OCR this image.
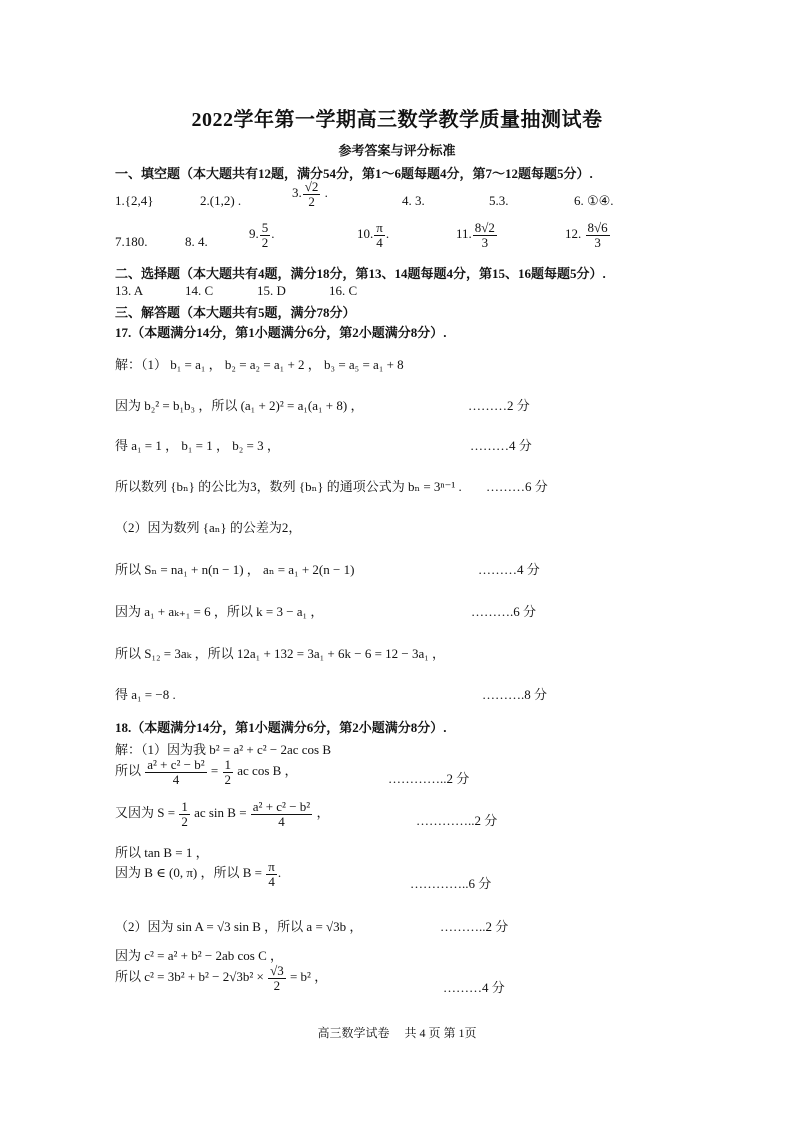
2022学年第一学期高三数学教学质量抽测试卷
参考答案与评分标准
一、填空题（本大题共有12题，满分54分，第1～6题每题4分，第7～12题每题5分）.
1.{2,4}	2.(1,2) .
3. $\frac{√2}{2}$ .
4. 3.	5.3.	6. ①④.
7.180.	8. 4.
9. $\frac{5}{2}$ .	10. $\frac{\pi}{4}$ .	11. $\frac{8√2}{3}$	12. $\frac{8√6}{3}$
二、选择题（本大题共有4题，满分18分，第13、14题每题4分，第15、16题每题5分）.
13. A	14. C	15. D	16. C
三、解答题（本大题共有5题，满分78分）
17.（本题满分14分，第1小题满分6分，第2小题满分8分）.
解：（1） b₁ = a₁ ， b₂ = a₂ = a₁ + 2 ， b₃ = a₅ = a₁ + 8
因为 b₂² = b₁b₃ ，所以 (a₁ + 2)² = a₁(a₁ + 8) ，	………2 分
得 a₁ = 1 ， b₁ = 1 ， b₂ = 3 ，	………4 分
所以数列 {bₙ} 的公比为3，数列 {bₙ} 的通项公式为 bₙ = 3ⁿ⁻¹ . ………6 分
（2）因为数列 {aₙ} 的公差为2，
所以 Sₙ = na₁ + n(n − 1) ， aₙ = a₁ + 2(n − 1)	………4 分
因为 a₁ + aₖ₊₁ = 6 ，所以 k = 3 − a₁ ，	……….6 分
所以 S₁₂ = 3aₖ ，所以 12a₁ + 132 = 3a₁ + 6k − 6 = 12 − 3a₁ ，
得 a₁ = −8 .	……….8 分
18.（本题满分14分，第1小题满分6分，第2小题满分8分）.
解：（1）因为我 b² = a² + c² − 2ac cos B
所以 $\frac{\text{a² + c² − b²}}{4} = \frac{1}{2}$ ac cos B ，
…………..2 分
又因为 $S = \frac{1}{2}$ ac $\sin B = \frac{\text{a² + c² − b²}}{4}$ ，
…………..2 分
所以 tan B = 1 ，
因为 B ∈ (0, π) ，所以 $B = \frac{\pi}{4}$ .
…………..6 分
（2）因为 sin A = √3 sin B ，所以 a = √3b ，	………..2 分
因为 c² = a² + b² − 2ab cos C ，
所以 $c^2 = 3b^2 + b^2 - 2√3b^2 \times \frac{√3}{2} = b^2$ ，
………4 分
高三数学试卷　 共 4 页 第 1页
